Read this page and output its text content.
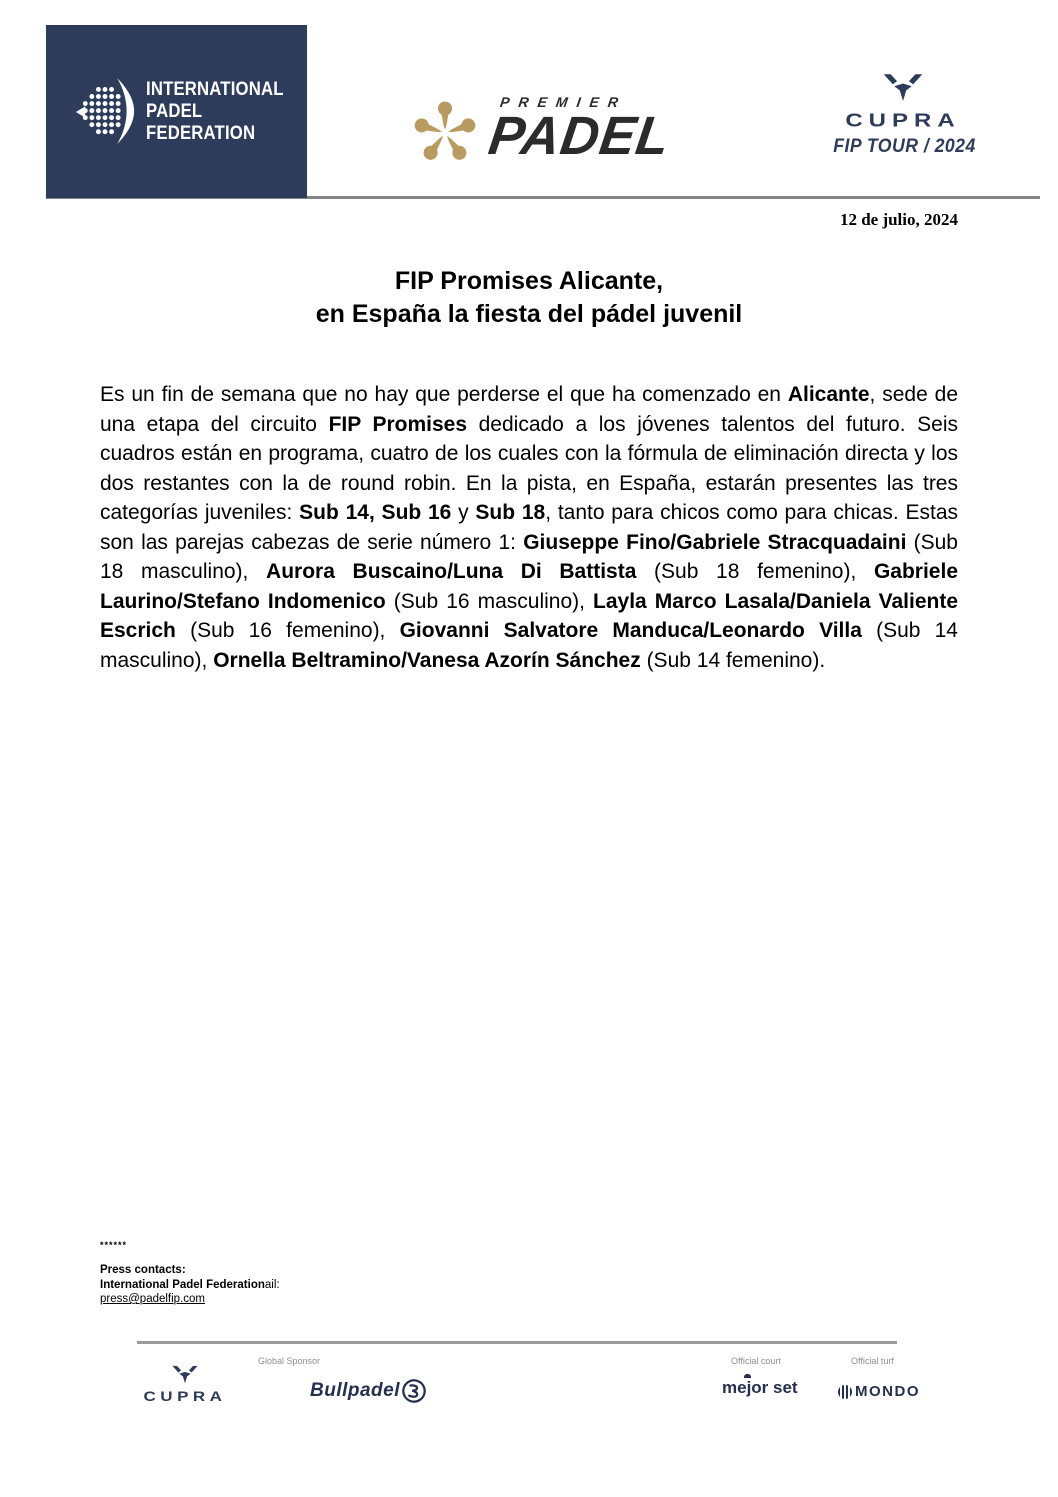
INTERNATIONAL
PADEL
FEDERATION
PREMIER
PADEL	CUPRA
FIP TOUR / 2024
12 de julio, 2024
FIP Promises Alicante,
en España la fiesta del pádel juvenil

Es un fin de semana que no hay que perderse el que ha comenzado en Alicante, sede de una etapa del circuito FIP Promises dedicado a los jóvenes talentos del futuro. Seis cuadros están en programa, cuatro de los cuales con la fórmula de eliminación directa y los dos restantes con la de round robin. En la pista, en España, estarán presentes las tres categorías juveniles: Sub 14, Sub 16 y Sub 18, tanto para chicos como para chicas. Estas son las parejas cabezas de serie número 1: Giuseppe Fino/Gabriele Stracquadaini (Sub 18 masculino), Aurora Buscaino/Luna Di Battista (Sub 18 femenino), Gabriele Laurino/Stefano Indomenico (Sub 16 masculino), Layla Marco Lasala/Daniela Valiente Escrich (Sub 16 femenino), Giovanni Salvatore Manduca/Leonardo Villa (Sub 14 masculino), Ornella Beltramino/Vanesa Azorín Sánchez (Sub 14 femenino).

******
Press contacts:
International Padel Federationail:
press@padelfip.com
CUPRA
Global Sponsor
Bullpadel
Official court
mejor set
Official turf
MONDO
